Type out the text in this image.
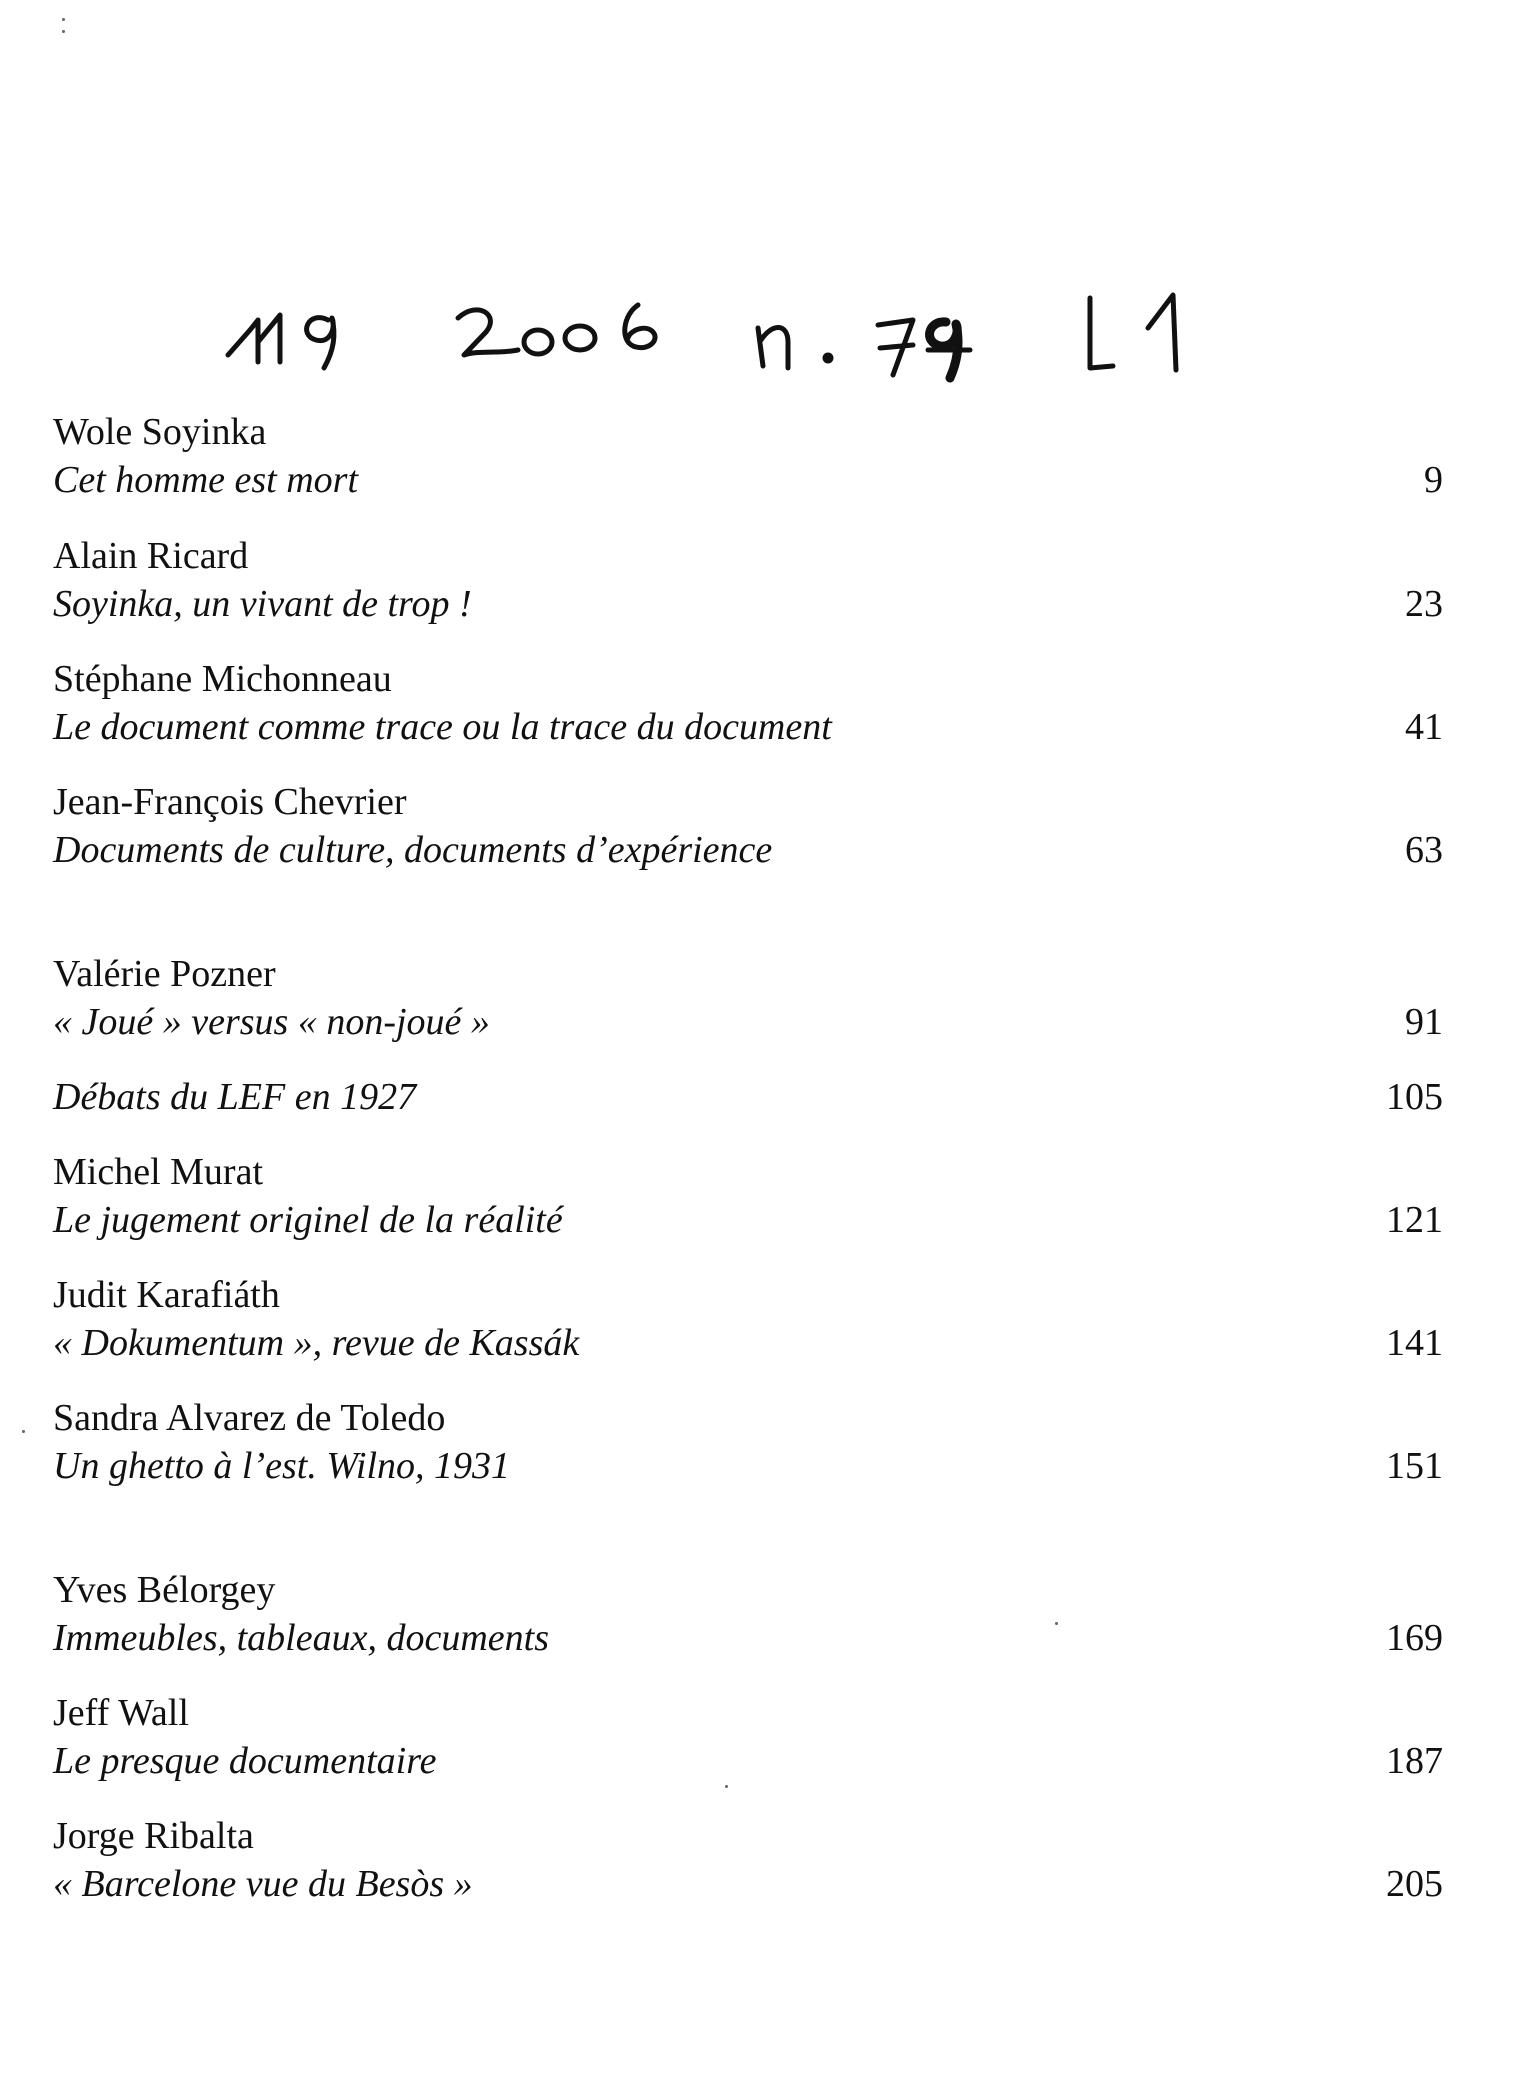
Wole Soyinka
Cet homme est mort	9
Alain Ricard
Soyinka, un vivant de trop !	23
Stéphane Michonneau
Le document comme trace ou la trace du document	41
Jean-François Chevrier
Documents de culture, documents d’expérience	63
Valérie Pozner
« Joué » versus « non-joué »	91
Débats du LEF en 1927	105
Michel Murat
Le jugement originel de la réalité	121
Judit Karafiáth
« Dokumentum », revue de Kassák	141
Sandra Alvarez de Toledo
Un ghetto à l’est. Wilno, 1931	151
Yves Bélorgey
Immeubles, tableaux, documents	169
Jeff Wall
Le presque documentaire	187
Jorge Ribalta
« Barcelone vue du Besòs »	205
